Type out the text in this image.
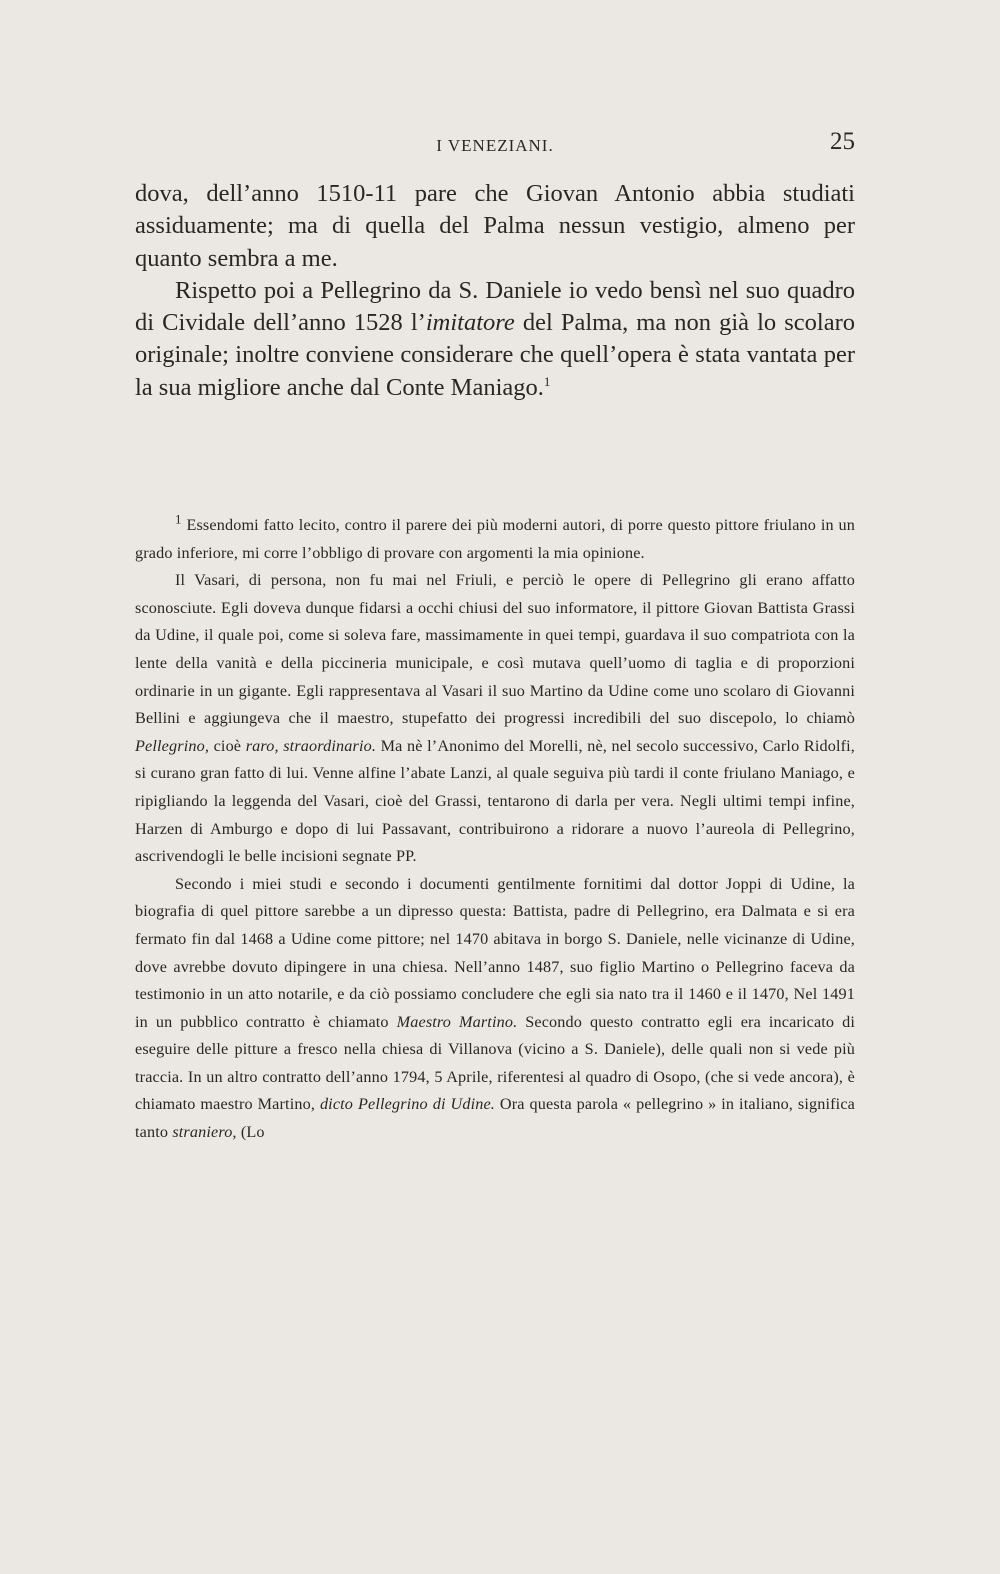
I VENEZIANI.	25

dova, dell’anno 1510-11 pare che Giovan Antonio abbia studiati assiduamente; ma di quella del Palma nessun vestigio, almeno per quanto sembra a me.

Rispetto poi a Pellegrino da S. Daniele io vedo bensì nel suo quadro di Cividale dell’anno 1528 l’imitatore del Palma, ma non già lo scolaro originale; inoltre conviene considerare che quell’opera è stata vantata per la sua migliore anche dal Conte Maniago.$^1$

$^1$ Essendomi fatto lecito, contro il parere dei più moderni autori, di porre questo pittore friulano in un grado inferiore, mi corre l’obbligo di provare con argomenti la mia opinione.

Il Vasari, di persona, non fu mai nel Friuli, e perciò le opere di Pellegrino gli erano affatto sconosciute. Egli doveva dunque fidarsi a occhi chiusi del suo informatore, il pittore Giovan Battista Grassi da Udine, il quale poi, come si soleva fare, massimamente in quei tempi, guardava il suo compatriota con la lente della vanità e della piccineria municipale, e così mutava quell’uomo di taglia e di proporzioni ordinarie in un gigante. Egli rappresentava al Vasari il suo Martino da Udine come uno scolaro di Giovanni Bellini e aggiungeva che il maestro, stupefatto dei progressi incredibili del suo discepolo, lo chiamò Pellegrino, cioè raro, straordinario. Ma nè l’Anonimo del Morelli, nè, nel secolo successivo, Carlo Ridolfi, si curano gran fatto di lui. Venne alfine l’abate Lanzi, al quale seguiva più tardi il conte friulano Maniago, e ripigliando la leggenda del Vasari, cioè del Grassi, tentarono di darla per vera. Negli ultimi tempi infine, Harzen di Amburgo e dopo di lui Passavant, contribuirono a ridorare a nuovo l’aureola di Pellegrino, ascrivendogli le belle incisioni segnate PP.

Secondo i miei studi e secondo i documenti gentilmente fornitimi dal dottor Joppi di Udine, la biografia di quel pittore sarebbe a un dipresso questa: Battista, padre di Pellegrino, era Dalmata e si era fermato fin dal 1468 a Udine come pittore; nel 1470 abitava in borgo S. Daniele, nelle vicinanze di Udine, dove avrebbe dovuto dipingere in una chiesa. Nell’anno 1487, suo figlio Martino o Pellegrino faceva da testimonio in un atto notarile, e da ciò possiamo concludere che egli sia nato tra il 1460 e il 1470, Nel 1491 in un pubblico contratto è chiamato Maestro Martino. Secondo questo contratto egli era incaricato di eseguire delle pitture a fresco nella chiesa di Villanova (vicino a S. Daniele), delle quali non si vede più traccia. In un altro contratto dell’anno 1794, 5 Aprile, riferentesi al quadro di Osopo, (che si vede ancora), è chiamato maestro Martino, dicto Pellegrino di Udine. Ora questa parola « pellegrino » in italiano, significa tanto straniero, (Lo
